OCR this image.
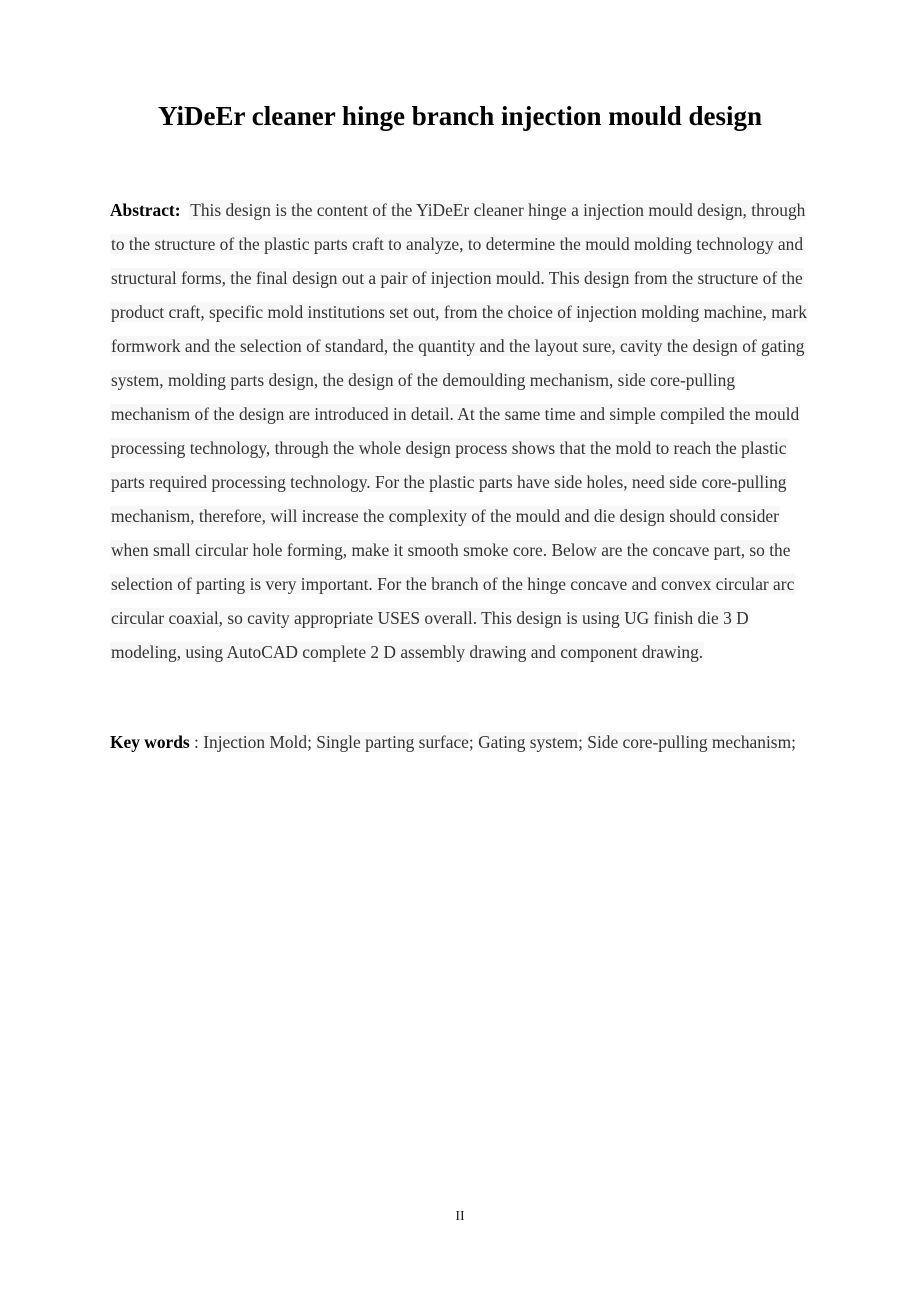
YiDeEr cleaner hinge branch injection mould design

Abstract: This design is the content of the YiDeEr cleaner hinge a injection mould design, through to the structure of the plastic parts craft to analyze, to determine the mould molding technology and structural forms, the final design out a pair of injection mould. This design from the structure of the product craft, specific mold institutions set out, from the choice of injection molding machine, mark formwork and the selection of standard, the quantity and the layout sure, cavity the design of gating system, molding parts design, the design of the demoulding mechanism, side core-pulling mechanism of the design are introduced in detail. At the same time and simple compiled the mould processing technology, through the whole design process shows that the mold to reach the plastic parts required processing technology. For the plastic parts have side holes, need side core-pulling mechanism, therefore, will increase the complexity of the mould and die design should consider when small circular hole forming, make it smooth smoke core. Below are the concave part, so the selection of parting is very important. For the branch of the hinge concave and convex circular arc circular coaxial, so cavity appropriate USES overall. This design is using UG finish die 3 D modeling, using AutoCAD complete 2 D assembly drawing and component drawing.

Key words : Injection Mold; Single parting surface; Gating system; Side core-pulling mechanism;

II
